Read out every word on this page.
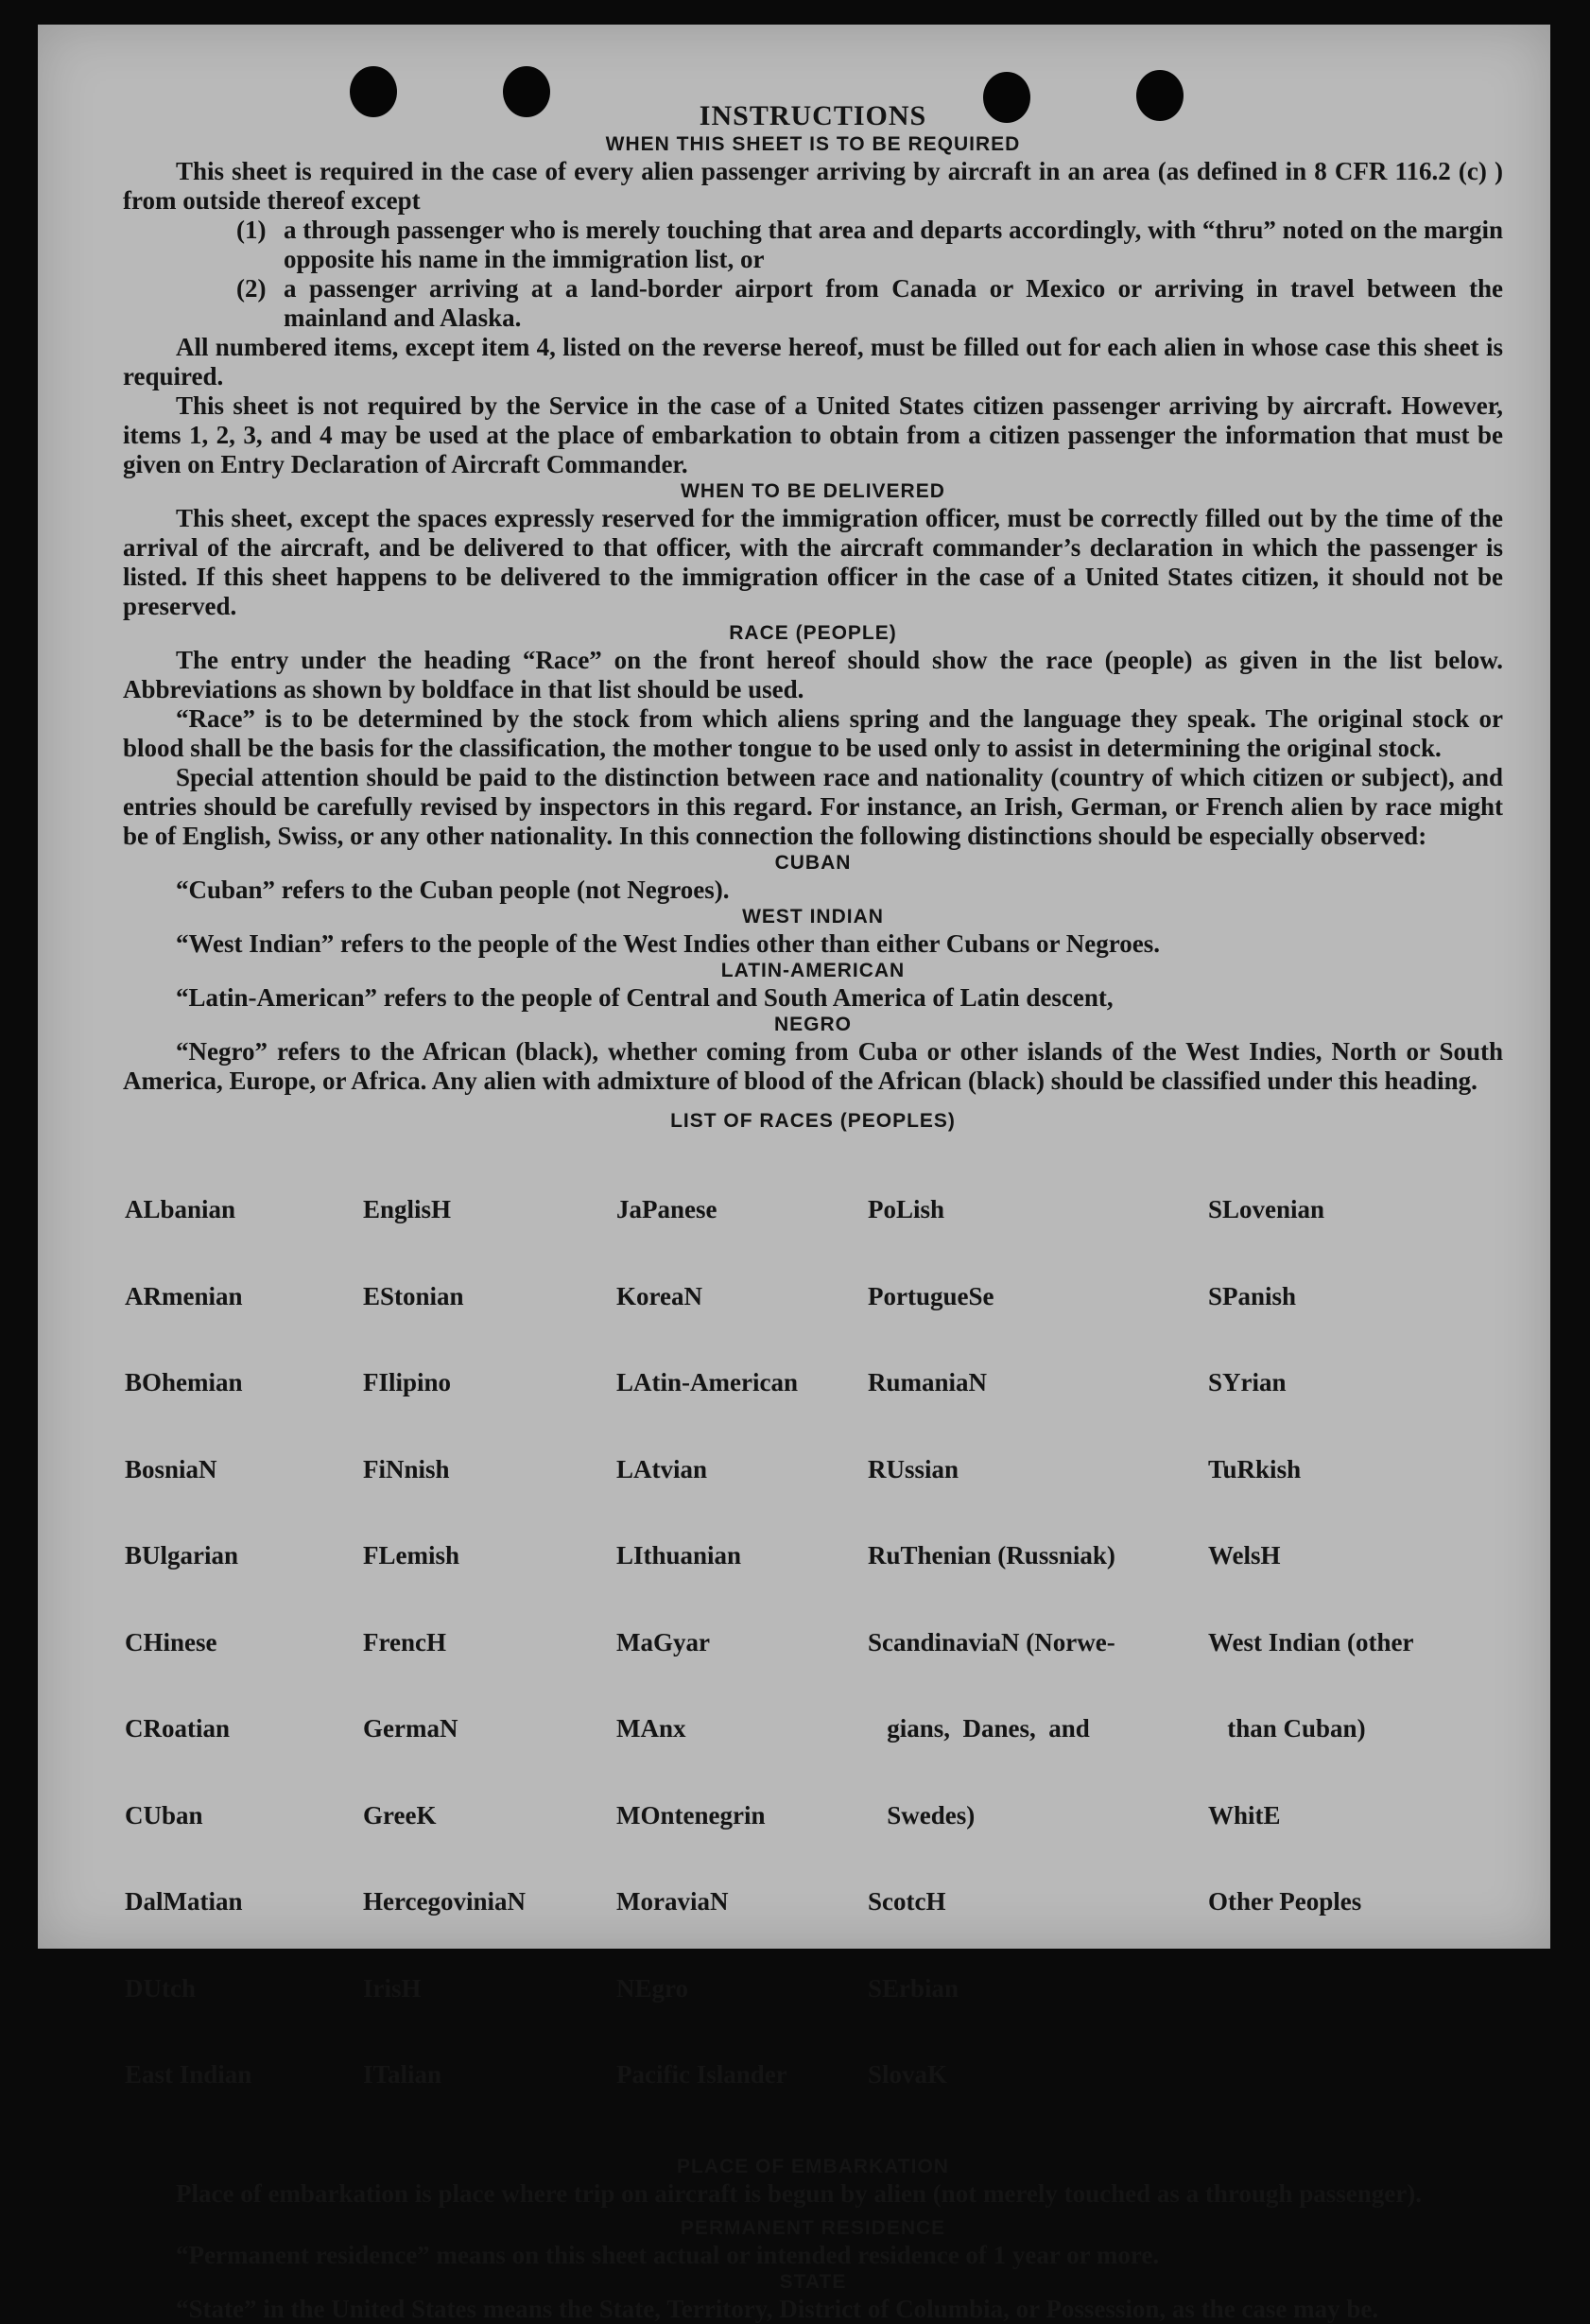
INSTRUCTIONS
WHEN THIS SHEET IS TO BE REQUIRED

This sheet is required in the case of every alien passenger arriving by aircraft in an area (as defined in 8 CFR 116.2 (c) ) from outside thereof except

(1) a through passenger who is merely touching that area and departs accordingly, with “thru” noted on the margin opposite his name in the immigration list, or
(2) a passenger arriving at a land-border airport from Canada or Mexico or arriving in travel between the mainland and Alaska.

All numbered items, except item 4, listed on the reverse hereof, must be filled out for each alien in whose case this sheet is required.

This sheet is not required by the Service in the case of a United States citizen passenger arriving by aircraft. However, items 1, 2, 3, and 4 may be used at the place of embarkation to obtain from a citizen passenger the information that must be given on Entry Declaration of Aircraft Commander.

WHEN TO BE DELIVERED

This sheet, except the spaces expressly reserved for the immigration officer, must be correctly filled out by the time of the arrival of the aircraft, and be delivered to that officer, with the aircraft commander’s declaration in which the passenger is listed. If this sheet happens to be delivered to the immigration officer in the case of a United States citizen, it should not be preserved.

RACE (PEOPLE)

The entry under the heading “Race” on the front hereof should show the race (people) as given in the list below. Abbreviations as shown by boldface in that list should be used.

“Race” is to be determined by the stock from which aliens spring and the language they speak. The original stock or blood shall be the basis for the classification, the mother tongue to be used only to assist in determining the original stock.

Special attention should be paid to the distinction between race and nationality (country of which citizen or subject), and entries should be carefully revised by inspectors in this regard. For instance, an Irish, German, or French alien by race might be of English, Swiss, or any other nationality. In this connection the following distinctions should be especially observed:

CUBAN

“Cuban” refers to the Cuban people (not Negroes).

WEST INDIAN

“West Indian” refers to the people of the West Indies other than either Cubans or Negroes.

LATIN-AMERICAN

“Latin-American” refers to the people of Central and South America of Latin descent,

NEGRO

“Negro” refers to the African (black), whether coming from Cuba or other islands of the West Indies, North or South America, Europe, or Africa. Any alien with admixture of blood of the African (black) should be classified under this heading.

LIST OF RACES (PEOPLES)

ALbanian

ARmenian

BOhemian

BosniaN

BUlgarian

CHinese

CRoatian

CUban

DalMatian

DUtch

East Indian

EnglisH

EStonian

FIlipino

FiNnish

FLemish

FrencH

GermaN

GreeK

HercegoviniaN

IrisH

ITalian

JaPanese

KoreaN

LAtin-American

LAtvian

LIthuanian

MaGyar

MAnx

MOntenegrin

MoraviaN

NEgro

Pacific Islander

PoLish

PortugueSe

RumaniaN

RUssian

RuThenian (Russniak)

ScandinaviaN (Norwe-

gians,  Danes,  and

Swedes)

ScotcH

SErbian

SlovaK

SLovenian

SPanish

SYrian

TuRkish

WelsH

West Indian (other

than Cuban)

WhitE

Other Peoples

PLACE OF EMBARKATION

Place of embarkation is place where trip on aircraft is begun by alien (not merely touched as a through passenger).

PERMANENT RESIDENCE

“Permanent residence” means on this sheet actual or intended residence of 1 year or more.

STATE

“State” in the United States means the State, Territory, District of Columbia, or Possession, as the case may be.
